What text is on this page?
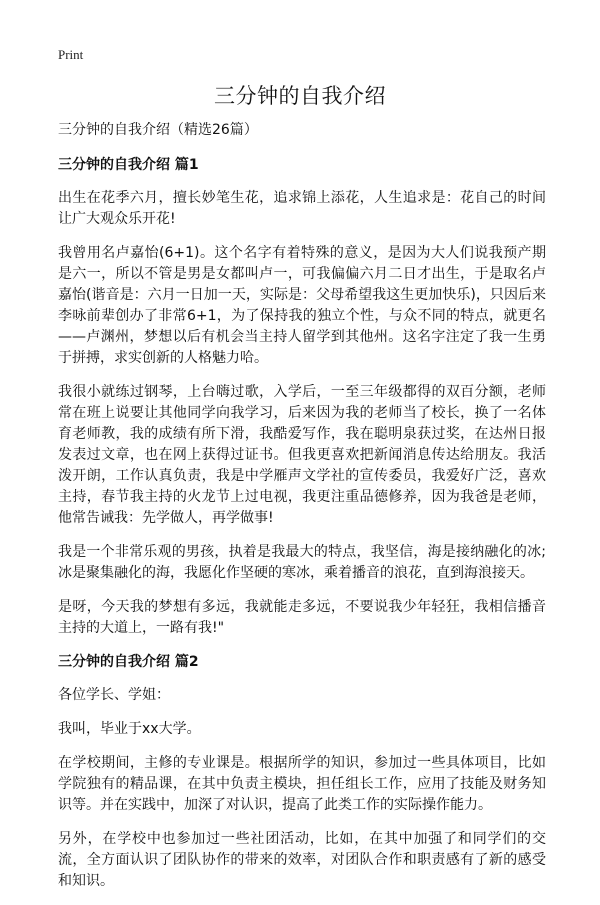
Print
三分钟的自我介绍
三分钟的自我介绍（精选26篇）
三分钟的自我介绍 篇1
出生在花季六月，擅长妙笔生花，追求锦上添花，人生追求是：花自己的时间让广大观众乐开花!
我曾用名卢嘉怡(6+1)。这个名字有着特殊的意义，是因为大人们说我预产期是六一，所以不管是男是女都叫卢一，可我偏偏六月二日才出生，于是取名卢嘉怡(谐音是：六月一日加一天，实际是：父母希望我这生更加快乐)，只因后来李咏前辈创办了非常6+1，为了保持我的独立个性，与众不同的特点，就更名——卢渊州，梦想以后有机会当主持人留学到其他州。这名字注定了我一生勇于拼搏，求实创新的人格魅力哈。
我很小就练过钢琴，上台嗨过歌，入学后，一至三年级都得的双百分额，老师常在班上说要让其他同学向我学习，后来因为我的老师当了校长，换了一名体育老师教，我的成绩有所下滑，我酷爱写作，我在聪明泉获过奖，在达州日报发表过文章，也在网上获得过证书。但我更喜欢把新闻消息传达给朋友。我活泼开朗，工作认真负责，我是中学雁声文学社的宣传委员，我爱好广泛，喜欢主持，春节我主持的火龙节上过电视，我更注重品德修养，因为我爸是老师，他常告诫我：先学做人，再学做事!
我是一个非常乐观的男孩，执着是我最大的特点，我坚信，海是接纳融化的冰;冰是聚集融化的海，我愿化作坚硬的寒冰，乘着播音的浪花，直到海浪接天。
是呀，今天我的梦想有多远，我就能走多远，不要说我少年轻狂，我相信播音主持的大道上，一路有我!"
三分钟的自我介绍 篇2
各位学长、学姐：
我叫，毕业于xx大学。
在学校期间，主修的专业课是。根据所学的知识，参加过一些具体项目，比如学院独有的精品课，在其中负责主模块，担任组长工作，应用了技能及财务知识等。并在实践中，加深了对认识，提高了此类工作的实际操作能力。
另外，在学校中也参加过一些社团活动，比如，在其中加强了和同学们的交流，全方面认识了团队协作的带来的效率，对团队合作和职责感有了新的感受和知识。
